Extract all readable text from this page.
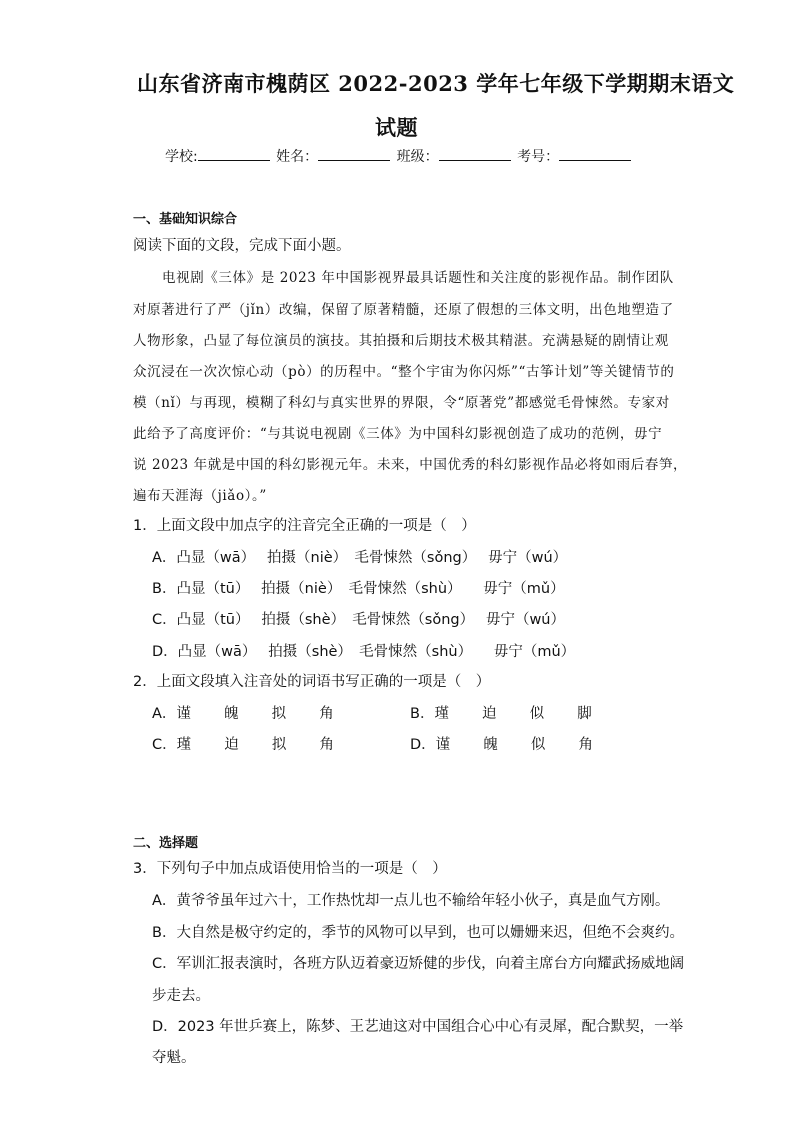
山东省济南市槐荫区 2022-2023 学年七年级下学期期末语文
试题
学校:	姓名：	班级：	考号：
一、基础知识综合
阅读下面的文段，完成下面小题。
电视剧《三体》是 2023 年中国影视界最具话题性和关注度的影视作品。制作团队
对原著进行了严（jǐn）改编，保留了原著精髓，还原了假想的三体文明，出色地塑造了
人物形象，凸显了每位演员的演技。其拍摄和后期技术极其精湛。充满悬疑的剧情让观
众沉浸在一次次惊心动（pò）的历程中。“整个宇宙为你闪烁”“古筝计划”等关键情节的
模（nǐ）与再现，模糊了科幻与真实世界的界限，令“原著党”都感觉毛骨悚然。专家对
此给予了高度评价：“与其说电视剧《三体》为中国科幻影视创造了成功的范例，毋宁
说 2023 年就是中国的科幻影视元年。未来，中国优秀的科幻影视作品必将如雨后春笋，
遍布天涯海（jiǎo）。”
1．上面文段中加点字的注音完全正确的一项是（　）
A．凸显（wā）　 拍摄（niè）　毛骨悚然（sǒng）　 毋宁（wú）
B．凸显（tū）　 拍摄（niè）　毛骨悚然（shù）　　毋宁（mǔ）
C．凸显（tū）　 拍摄（shè）　毛骨悚然（sǒng）　 毋宁（wú）
D．凸显（wā）　 拍摄（shè）　毛骨悚然（shù）　　毋宁（mǔ）
2．上面文段填入注音处的词语书写正确的一项是（　）
A．谨　 魄　 拟　 角	B．瑾　 迫　 似　 脚
C．瑾　 迫　 拟　 角	D．谨　 魄　 似　 角
二、选择题
3．下列句子中加点成语使用恰当的一项是（　）
A．黄爷爷虽年过六十，工作热忱却一点儿也不输给年轻小伙子，真是血气方刚。
B．大自然是极守约定的，季节的风物可以早到，也可以姗姗来迟，但绝不会爽约。
C．军训汇报表演时，各班方队迈着豪迈矫健的步伐，向着主席台方向耀武扬威地阔
步走去。
D．2023 年世乒赛上，陈梦、王艺迪这对中国组合心中心有灵犀，配合默契，一举
夺魁。
